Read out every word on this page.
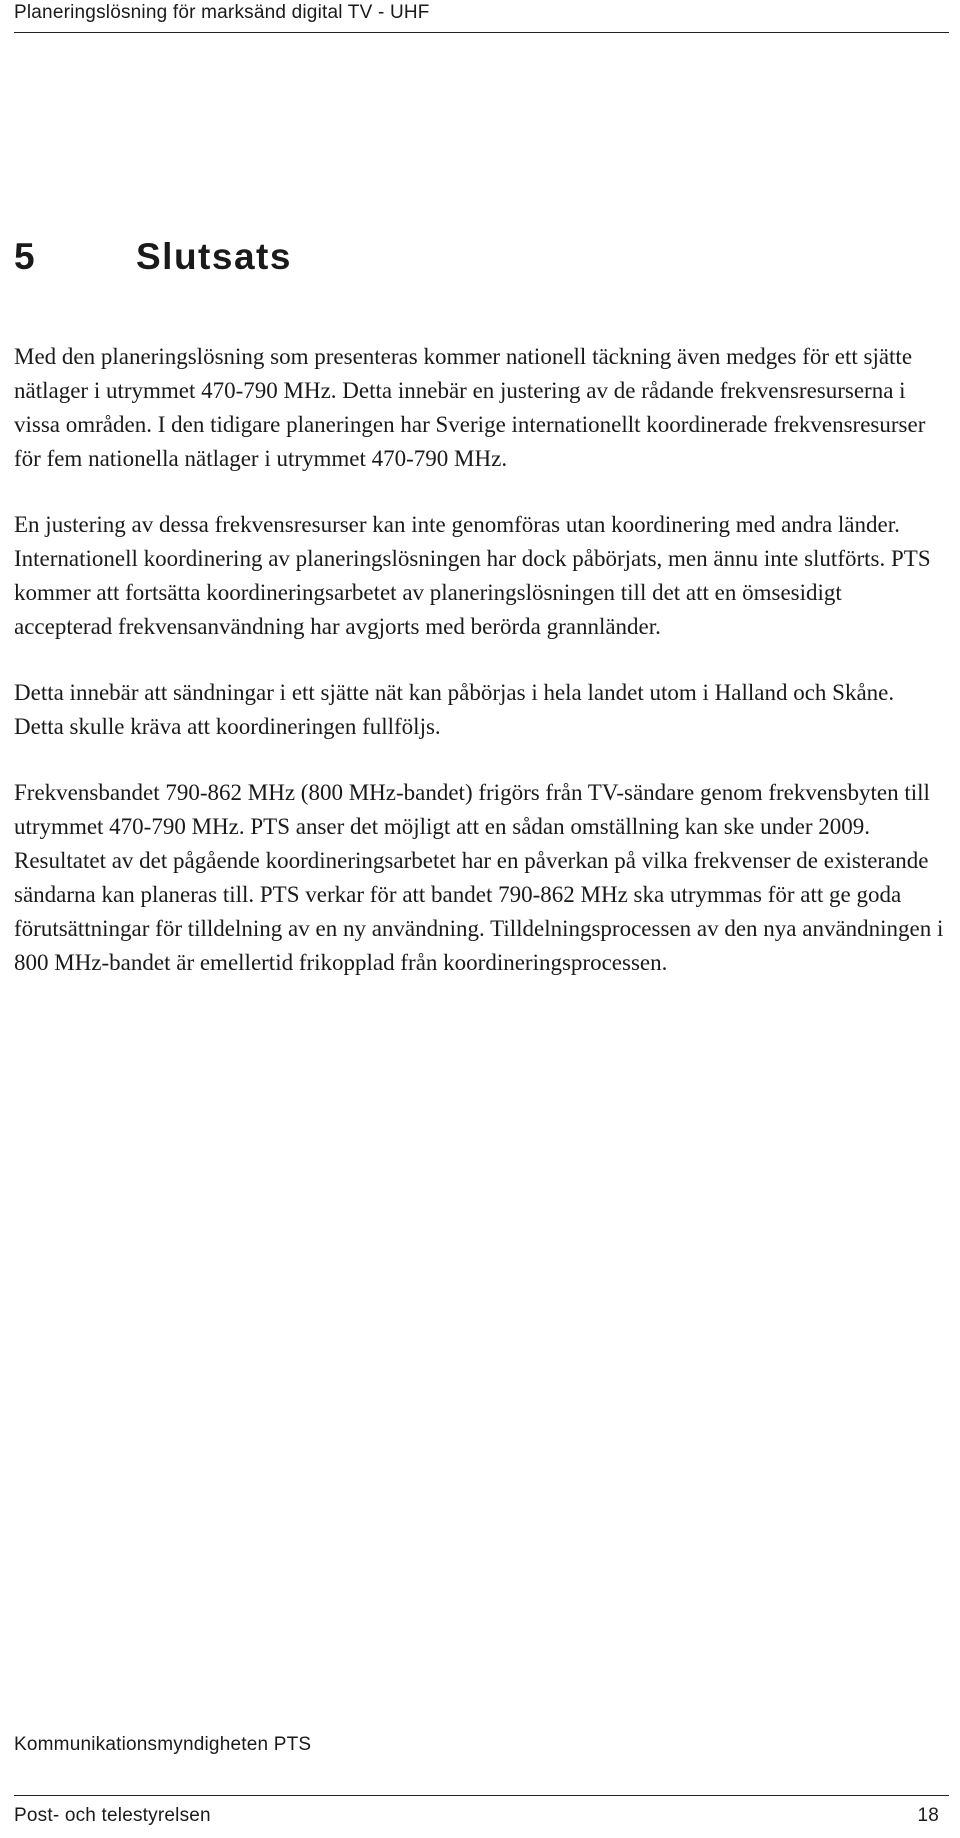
Planeringslösning för marksänd digital TV - UHF
5	Slutsats

Med den planeringslösning som presenteras kommer nationell täckning även medges för ett sjätte nätlager i utrymmet 470-790 MHz. Detta innebär en justering av de rådande frekvensresurserna i vissa områden. I den tidigare planeringen har Sverige internationellt koordinerade frekvensresurser för fem nationella nätlager i utrymmet 470-790 MHz.

En justering av dessa frekvensresurser kan inte genomföras utan koordinering med andra länder. Internationell koordinering av planeringslösningen har dock påbörjats, men ännu inte slutförts. PTS kommer att fortsätta koordineringsarbetet av planeringslösningen till det att en ömsesidigt accepterad frekvensanvändning har avgjorts med berörda grannländer.

Detta innebär att sändningar i ett sjätte nät kan påbörjas i hela landet utom i Halland och Skåne. Detta skulle kräva att koordineringen fullföljs.

Frekvensbandet 790-862 MHz (800 MHz-bandet) frigörs från TV-sändare genom frekvensbyten till utrymmet 470-790 MHz. PTS anser det möjligt att en sådan omställning kan ske under 2009. Resultatet av det pågående koordineringsarbetet har en påverkan på vilka frekvenser de existerande sändarna kan planeras till. PTS verkar för att bandet 790-862 MHz ska utrymmas för att ge goda förutsättningar för tilldelning av en ny användning. Tilldelningsprocessen av den nya användningen i 800 MHz-bandet är emellertid frikopplad från koordineringsprocessen.

Kommunikationsmyndigheten PTS
Post- och telestyrelsen	18
